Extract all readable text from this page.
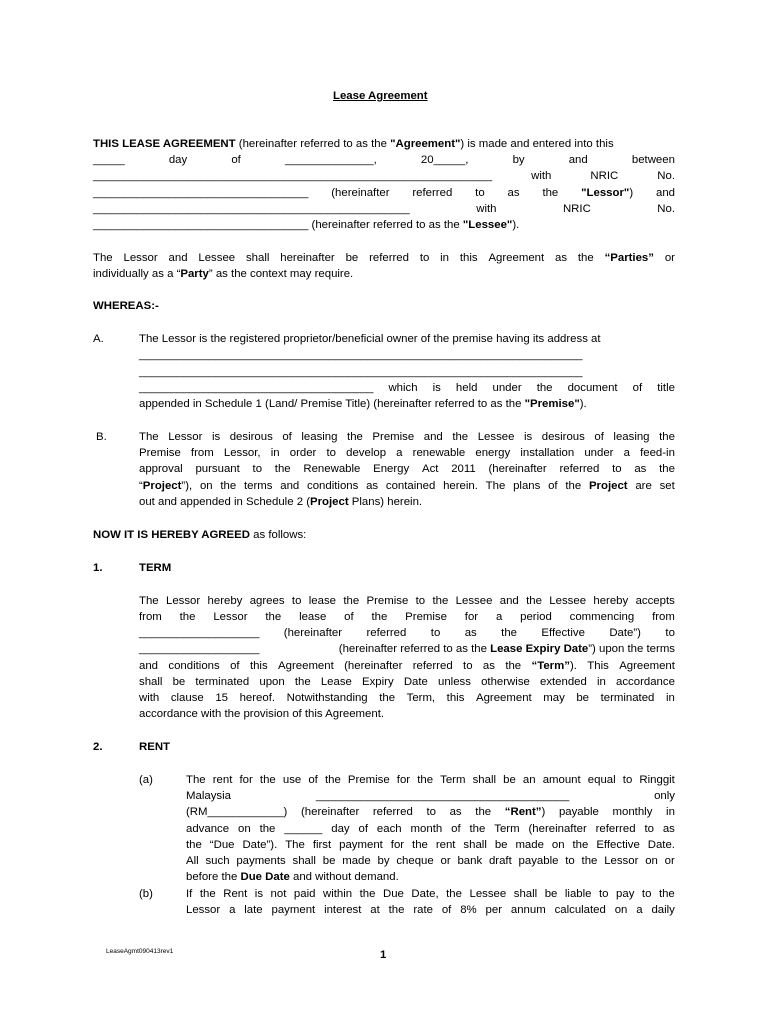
Lease Agreement
THIS LEASE AGREEMENT (hereinafter referred to as the "Agreement") is made and entered into this
_____	day	of	______________,	20_____,	by	and	between
_______________________________________________________________	with	NRIC	No.
__________________________________ (hereinafter referred to as the "Lessor") and
__________________________________________________	with	NRIC	No.
__________________________________ (hereinafter referred to as the "Lessee").
The Lessor and Lessee shall hereinafter be referred to in this Agreement as the “Parties” or
individually as a “Party” as the context may require.
WHEREAS:-
A.	The Lessor is the registered proprietor/beneficial owner of the premise having its address at
______________________________________________________________________
______________________________________________________________________
_____________________________________ which is held under the document of title
appended in Schedule 1 (Land/ Premise Title) (hereinafter referred to as the "Premise").
B.	The Lessor is desirous of leasing the Premise and the Lessee is desirous of leasing the
Premise from Lessor, in order to develop a renewable energy installation under a feed-in
approval pursuant to the Renewable Energy Act 2011 (hereinafter referred to as the
“Project”), on the terms and conditions as contained herein. The plans of the Project are set
out and appended in Schedule 2 (Project Plans) herein.
NOW IT IS HEREBY AGREED as follows:
1.	TERM
The Lessor hereby agrees to lease the Premise to the Lessee and the Lessee hereby accepts
from the Lessor the lease of the Premise for a period commencing from
___________________ (hereinafter referred to as the Effective Date”) to
___________________	(hereinafter referred to as the Lease Expiry Date”) upon the terms
and conditions of this Agreement (hereinafter referred to as the “Term”). This Agreement
shall be terminated upon the Lease Expiry Date unless otherwise extended in accordance
with clause 15 hereof. Notwithstanding the Term, this Agreement may be terminated in
accordance with the provision of this Agreement.
2.	RENT
(a)	The rent for the use of the Premise for the Term shall be an amount equal to Ringgit
Malaysia	________________________________________	only
(RM____________) (hereinafter referred to as the “Rent”) payable monthly in
advance on the ______ day of each month of the Term (hereinafter referred to as
the “Due Date”). The first payment for the rent shall be made on the Effective Date.
All such payments shall be made by cheque or bank draft payable to the Lessor on or
before the Due Date and without demand.
(b)	If the Rent is not paid within the Due Date, the Lessee shall be liable to pay to the
Lessor a late payment interest at the rate of 8% per annum calculated on a daily
LeaseAgmt090413rev1	1
